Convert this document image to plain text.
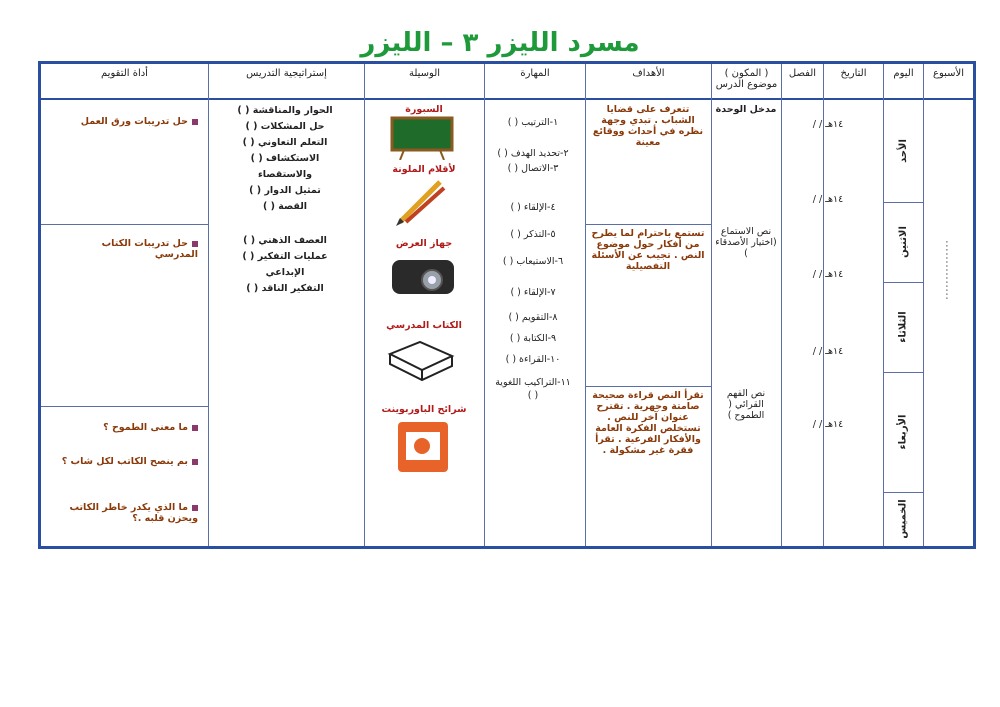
مسرد الليزر ٣ – الليزر
الأسبوع
...............
اليوم
الأحد
الاثنين
الثلاثاء
الأربعاء
الخميس
التاريخ
الفصل
/ / ١٤هـ
/ / ١٤هـ
/ / ١٤هـ
/ / ١٤هـ
/ / ١٤هـ
( المكون )
موضوع الدرس
مدخل الوحدة
نص الاستماع (اختيار الأصدقاء )
نص الفهم القرائي ( الطموح )
الأهداف
تتعرف على قضايا الشباب . تبدي وجهة نظره في أحداث ووقائع معينة
تستمع باحترام لما يطرح من أفكار حول موضوع النص . تجيب عن الأسئلة التفصيلية
تقرأ النص قراءة صحيحة صامتة وجهرية . تقترح عنوان آخر للنص . تستخلص الفكرة العامة والأفكار الفرعية . تقرأ فقرة غير مشكولة .
المهارة
١-الترتيب ( )
٢-تحديد الهدف ( )
٣-الاتصال ( )
٤-الإلقاء ( )
٥-التذكر ( )
٦-الاستيعاب ( )
٧-الإلقاء ( )
٨-التقويم ( )
٩-الكتابة ( )
١٠-القراءة ( )
١١-التراكيب اللغوية ( )
الوسيلة
السبورة
لأقلام الملونة
جهاز العرض
الكتاب المدرسي
شرائح الباوربوينت
إستراتيجية التدريس
الحوار والمناقشة ( )
حل المشكلات ( )
التعلم التعاوني ( )
الاستكشاف ( )
والاستقصاء
تمثيل الدوار ( )
القصة ( )
العصف الذهني ( )
عمليات التفكير ( )
الإبداعي
التفكير الناقد ( )
أداة التقويم
حل تدريبات ورق العمل
حل تدريبات الكتاب المدرسي
ما معنى الطموح ؟
بم ينصح الكاتب لكل شاب ؟
ما الذي يكدر خاطر الكاتب ويحزن قلبه .؟
